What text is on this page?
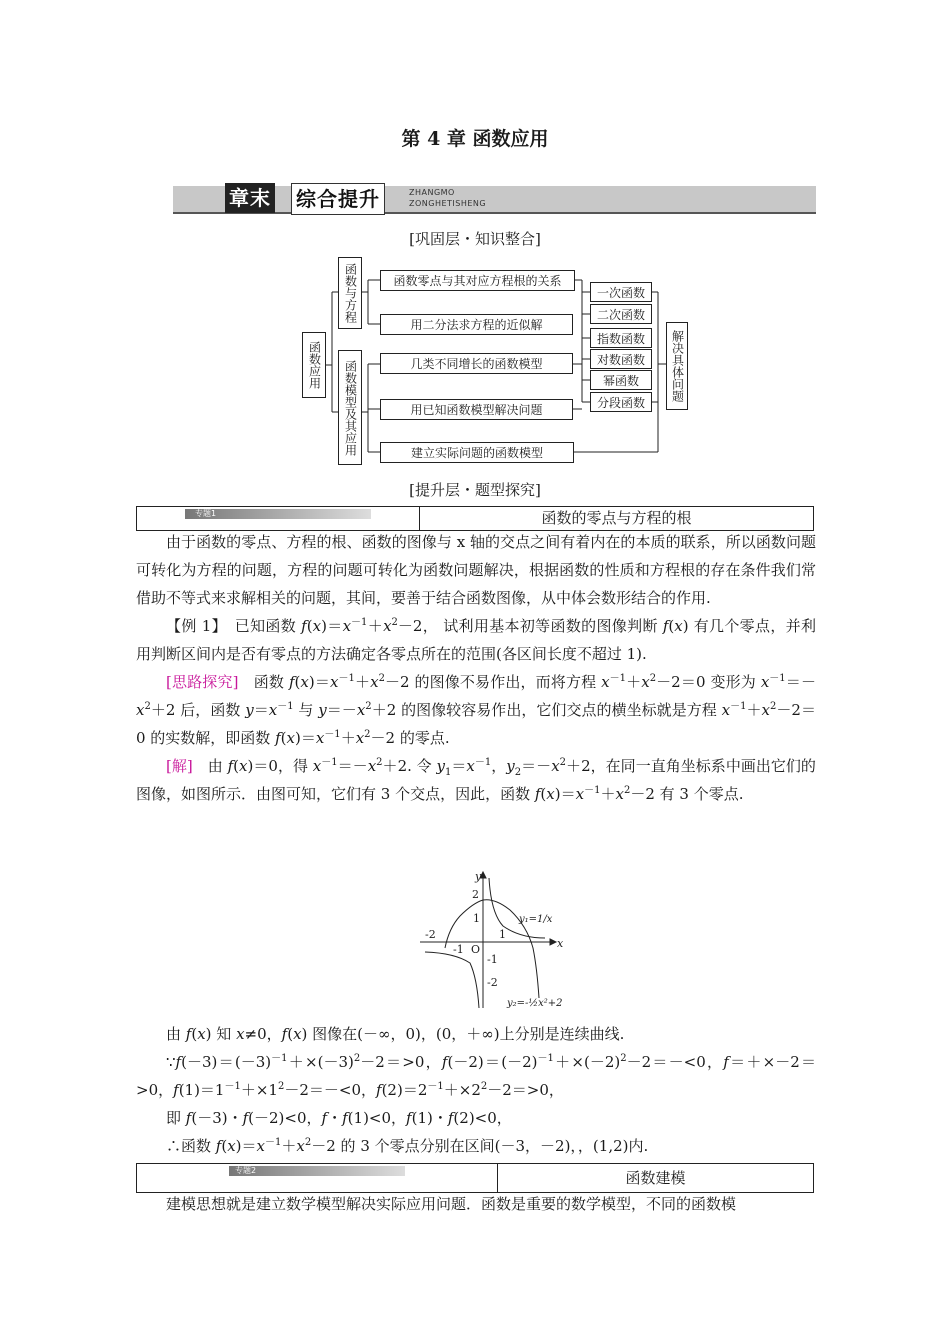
第 4 章 函数应用
章末 综合提升	ZHANGMO
ZONGHETISHENG
[巩固层・知识整合]
函数应用
函数与方程
函数模型及其应用
函数零点与其对应方程根的关系
用二分法求方程的近似解
几类不同增长的函数模型
用已知函数模型解决问题
建立实际问题的函数模型
一次函数
二次函数
指数函数
对数函数
幂函数
分段函数
解决具体问题
[提升层・题型探究]
专题1	函数的零点与方程的根

由于函数的零点、方程的根、函数的图像与 x 轴的交点之间有着内在的本质的联系，所以函数问题可转化为方程的问题，方程的问题可转化为函数问题解决，根据函数的性质和方程根的存在条件我们常借助不等式来求解相关的问题，其间，要善于结合函数图像，从中体会数形结合的作用.

【例 1】　 已知函数 $f(x)=x^{-1}+x^2-2$， 试利用基本初等函数的图像判断 f(x) 有几个零点，并利用判断区间内是否有零点的方法确定各零点所在的范围(各区间长度不超过 1).

[思路探究]　函数 $f(x)=x^{-1}+x^2-2$ 的图像不易作出，而将方程 $x^{-1}+x^2-2=0$ 变形为 $x^{-1}=-x^2+2$ 后，函数 $y=x^{-1}$ 与 $y=-x^2+2$ 的图像较容易作出，它们交点的横坐标就是方程 $x^{-1}+x^2-2=0$ 的实数解，即函数 $f(x)=x^{-1}+x^2-2$ 的零点.

[解]　由 f(x)＝0，得 $x^{-1}=-x^2+2$. 令 $y_1=x^{-1}$，$y_2=-x^2+2$，在同一直角坐标系中画出它们的图像，如图所示．由图可知，它们有 3 个交点，因此，函数 $f(x)=x^{-1}+x^2-2$ 有 3 个零点.

x
y
-2
-1 O
1
2
1
-1
-2
y₁=1/x
y₂=-½x²+2

由 f(x) 知 x≠0，f(x) 图像在(－∞，0)，(0，＋∞)上分别是连续曲线.

$\because f(-3)=(-3)^{-1}+\times(-3)^2-2=>0$，$f(-2)=(-2)^{-1}+\times(-2)^2-2=-<0$，f＝＋×－2＝>0，$f(1)=1^{-1}+\times 1^2-2=-<0$，$f(2)=2^{-1}+\times 2^2-2=>0$，

即 f(－3)・f(－2)<0，f・f(1)<0，f(1)・f(2)<0，

∴函数 $f(x)=x^{-1}+x^2-2$ 的 3 个零点分别在区间(－3，－2)，，(1,2)内.

专题2	函数建模

建模思想就是建立数学模型解决实际应用问题．函数是重要的数学模型，不同的函数模
